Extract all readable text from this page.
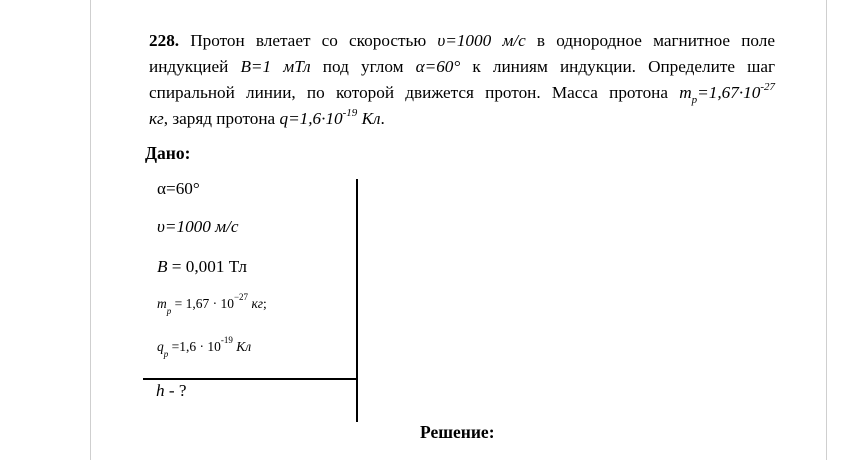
228. Протон влетает со скоростью υ=1000 м/с в однородное магнитное поле
индукцией B=1 мТл под углом α=60° к линиям индукции. Определите шаг
спиральной линии, по которой движется протон. Масса протона $m_p=1,67\cdot 10^{-27}$
кг, заряд протона $q=1,6\cdot 10^{-19}$ Кл.
Дано:
α=60°
υ=1000 м/с
B = 0,001 Тл
$m_p = 1,67 \cdot 10^{-27}$ кг;
$q_p =1,6 \cdot 10^{-19}$ Кл
h - ?
Решение:
